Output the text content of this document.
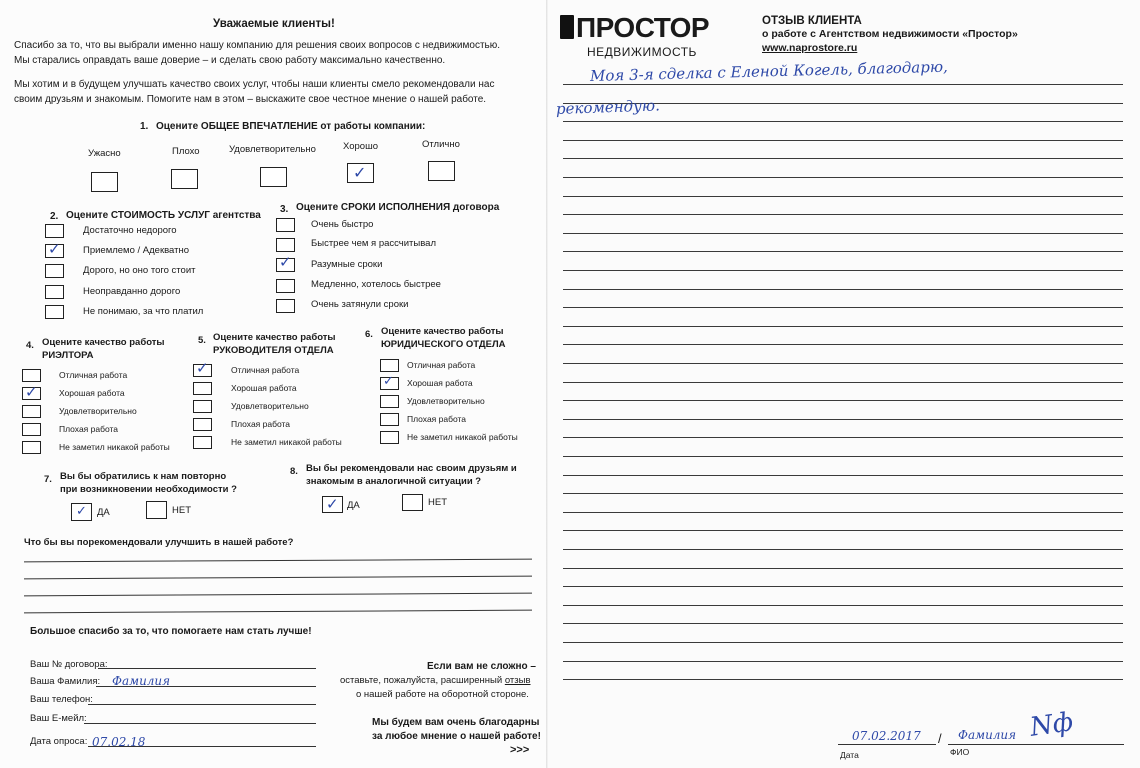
Уважаемые клиенты!
Спасибо за то, что вы выбрали именно нашу компанию для решения своих вопросов с недвижимостью. Мы старались оправдать ваше доверие – и сделать свою работу максимально качественно.
Мы хотим и в будущем улучшать качество своих услуг, чтобы наши клиенты смело рекомендовали нас своим друзьям и знакомым. Помогите нам в этом – выскажите свое честное мнение о нашей работе.
1. Оцените ОБЩЕЕ ВПЕЧАТЛЕНИЕ от работы компании:
Ужасно	Плохо	Удовлетворительно	Хорошо	Отлично
✓
2. Оцените СТОИМОСТЬ УСЛУГ агентства
Достаточно недорого
✓ Приемлемо / Адекватно
Дорого, но оно того стоит
Неоправданно дорого
Не понимаю, за что платил
3. Оцените СРОКИ ИСПОЛНЕНИЯ договора
Очень быстро
Быстрее чем я рассчитывал
✓ Разумные сроки
Медленно, хотелось быстрее
Очень затянули сроки
4. Оцените качество работы
РИЭЛТОРА
Отличная работа
✓	Хорошая работа
Удовлетворительно
Плохая работа
Не заметил никакой работы
5. Оцените качество работы
РУКОВОДИТЕЛЯ ОТДЕЛА
✓	Отличная работа
Хорошая работа
Удовлетворительно
Плохая работа
Не заметил никакой работы
6. Оцените качество работы
ЮРИДИЧЕСКОГО ОТДЕЛА
Отличная работа
✓ Хорошая работа
Удовлетворительно
Плохая работа
Не заметил никакой работы
7. Вы бы обратились к нам повторно
при возникновении необходимости ?
✓ ДА	НЕТ
8. Вы бы рекомендовали нас своим друзьям и
знакомым в аналогичной ситуации ?
✓ ДА	НЕТ
Что бы вы порекомендовали улучшить в нашей работе?
Большое спасибо за то, что помогаете нам стать лучше!
Ваш № договора:
Ваша Фамилия: Фамилия
Ваш телефон:
Ваш E-мейл:
Дата опроса: 07.02.18
Если вам не сложно –
оставьте, пожалуйста, расширенный отзыв
о нашей работе на оборотной стороне.
Мы будем вам очень благодарны
за любое мнение о нашей работе!
>>>
ПРОСТОР
НЕДВИЖИМОСТЬ
ОТЗЫВ КЛИЕНТА
о работе с Агентством недвижимости «Простор»
www.naprostore.ru
Моя 3-я сделка с Еленой Когель, благодарю,
рекомендую.
07.02.2017 /
Дата
Фамилия Nф
ФИО
